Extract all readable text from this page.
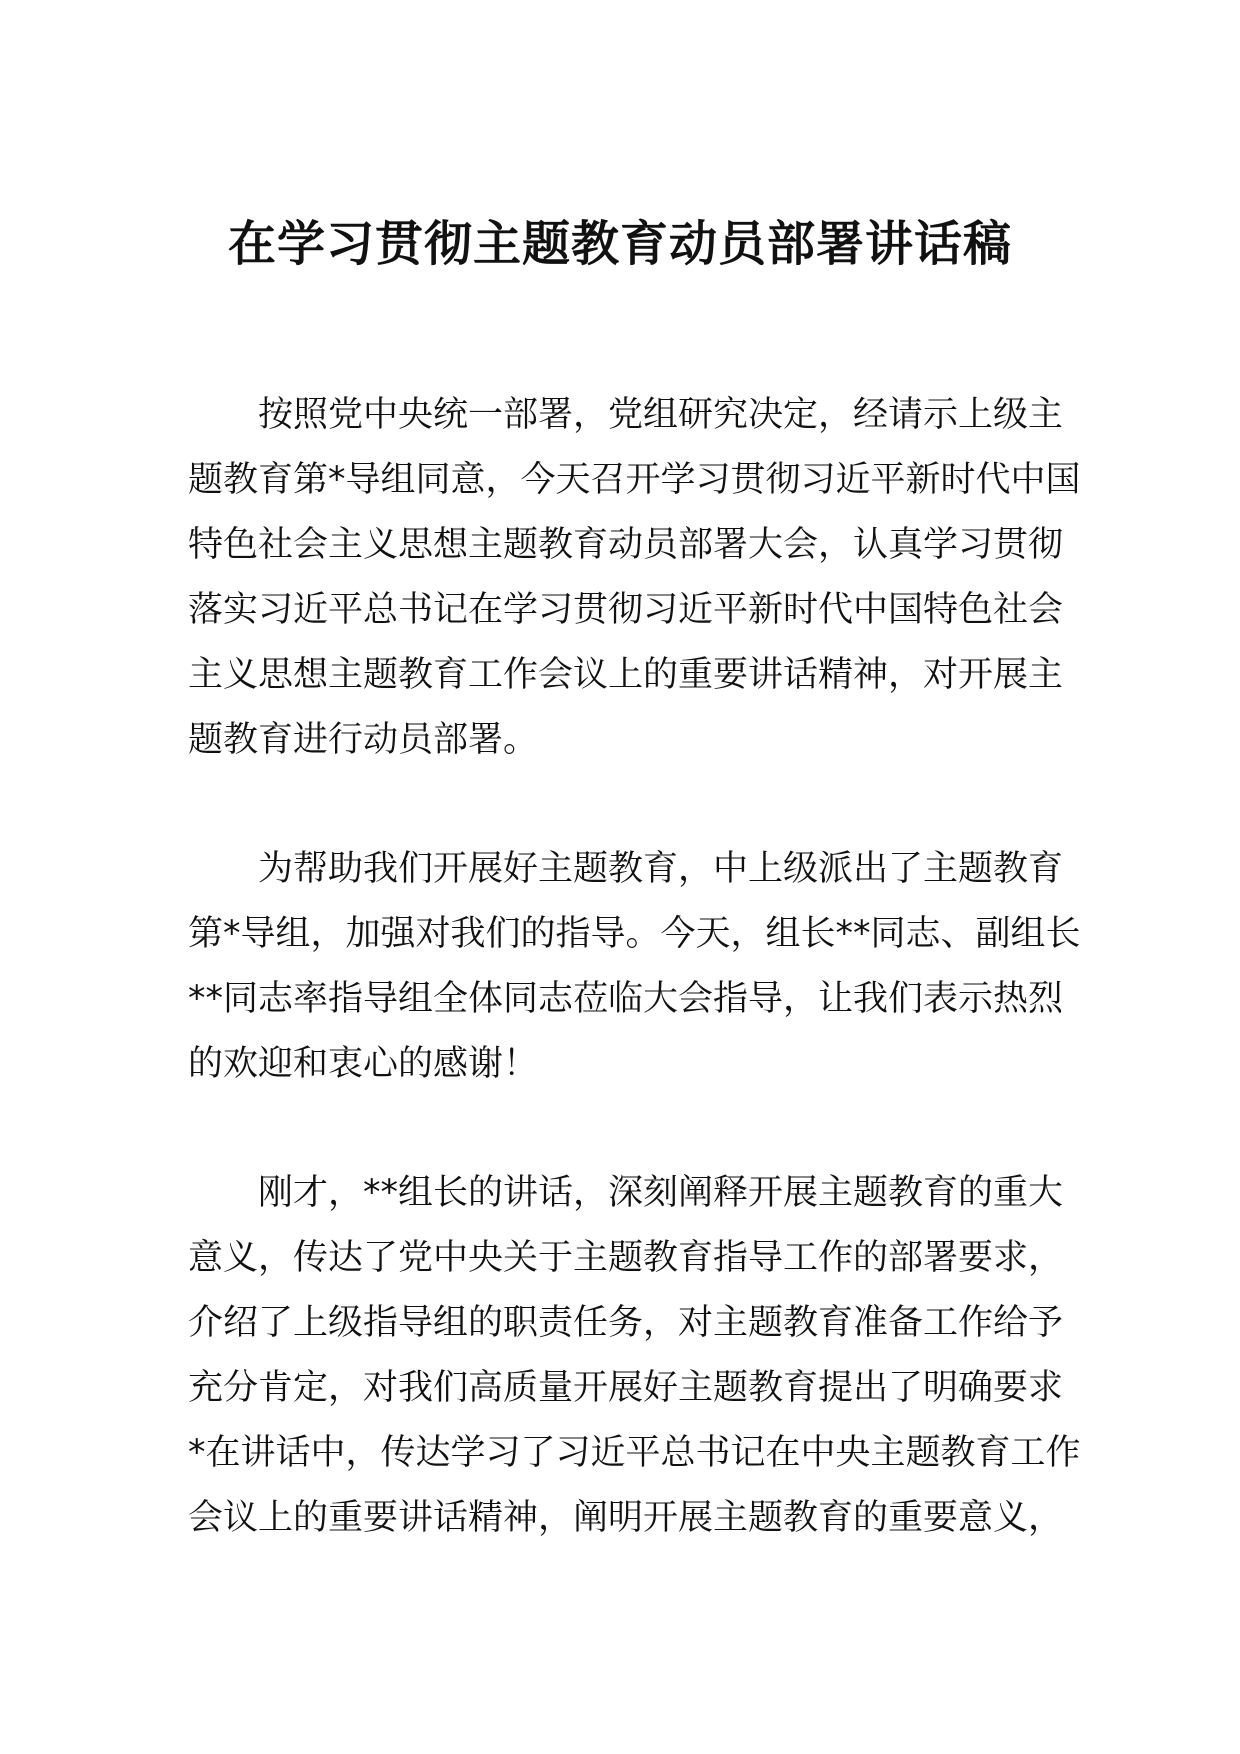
在学习贯彻主题教育动员部署讲话稿
按照党中央统一部署，党组研究决定，经请示上级主
题教育第*导组同意，今天召开学习贯彻习近平新时代中国
特色社会主义思想主题教育动员部署大会，认真学习贯彻
落实习近平总书记在学习贯彻习近平新时代中国特色社会
主义思想主题教育工作会议上的重要讲话精神，对开展主
题教育进行动员部署。
为帮助我们开展好主题教育，中上级派出了主题教育
第*导组，加强对我们的指导。今天，组长**同志、副组长
**同志率指导组全体同志莅临大会指导，让我们表示热烈
的欢迎和衷心的感谢！
刚才，**组长的讲话，深刻阐释开展主题教育的重大
意义，传达了党中央关于主题教育指导工作的部署要求，
介绍了上级指导组的职责任务，对主题教育准备工作给予
充分肯定，对我们高质量开展好主题教育提出了明确要求
*在讲话中，传达学习了习近平总书记在中央主题教育工作
会议上的重要讲话精神，阐明开展主题教育的重要意义，
